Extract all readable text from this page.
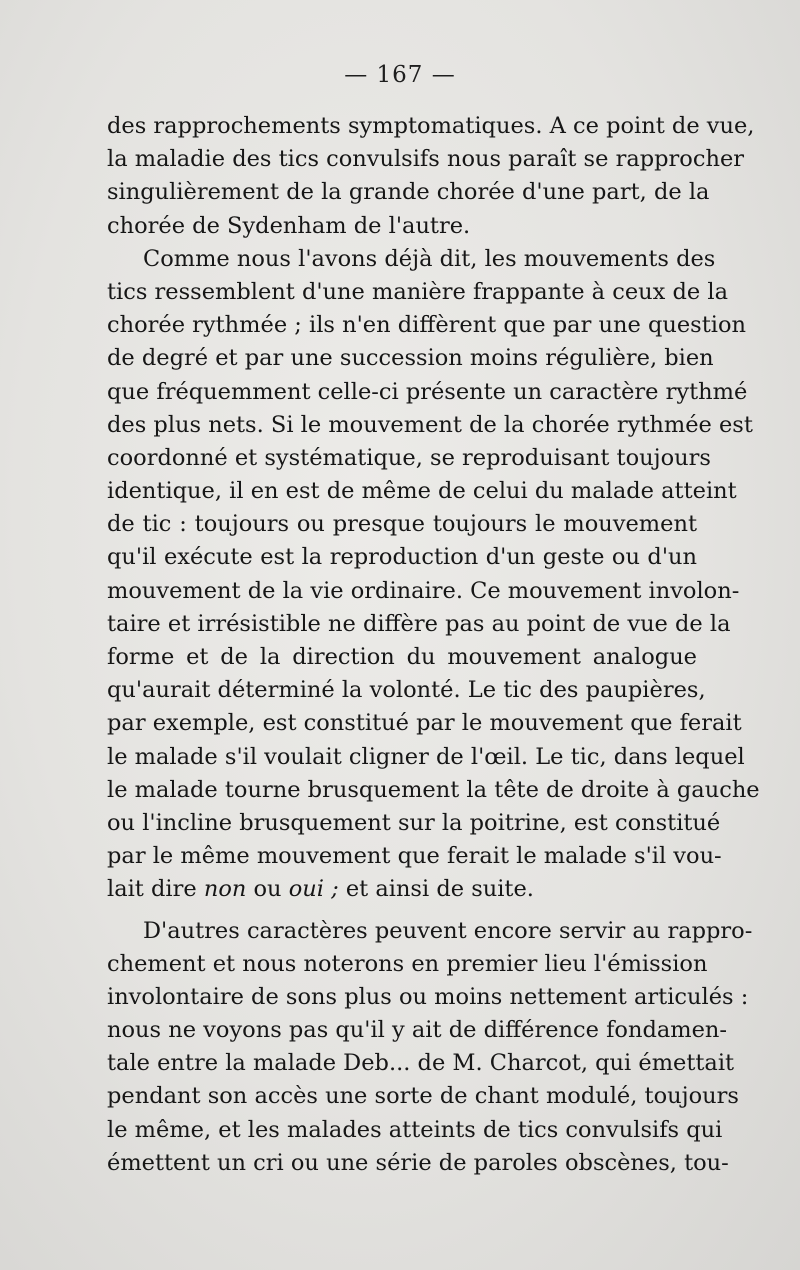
— 167 —
des rapprochements symptomatiques. A ce point de vue,
la maladie des tics convulsifs nous paraît se rapprocher
singulièrement de la grande chorée d'une part, de la
chorée de Sydenham de l'autre.
Comme nous l'avons déjà dit, les mouvements des
tics ressemblent d'une manière frappante à ceux de la
chorée rythmée ; ils n'en diffèrent que par une question
de degré et par une succession moins régulière, bien
que fréquemment celle-ci présente un caractère rythmé
des plus nets. Si le mouvement de la chorée rythmée est
coordonné et systématique, se reproduisant toujours
identique, il en est de même de celui du malade atteint
de tic : toujours ou presque toujours le mouvement
qu'il exécute est la reproduction d'un geste ou d'un
mouvement de la vie ordinaire. Ce mouvement involon-
taire et irrésistible ne diffère pas au point de vue de la
forme et de la direction du mouvement analogue
qu'aurait déterminé la volonté. Le tic des paupières,
par exemple, est constitué par le mouvement que ferait
le malade s'il voulait cligner de l'œil. Le tic, dans lequel
le malade tourne brusquement la tête de droite à gauche
ou l'incline brusquement sur la poitrine, est constitué
par le même mouvement que ferait le malade s'il vou-
lait dire non ou oui ; et ainsi de suite.
D'autres caractères peuvent encore servir au rappro-
chement et nous noterons en premier lieu l'émission
involontaire de sons plus ou moins nettement articulés :
nous ne voyons pas qu'il y ait de différence fondamen-
tale entre la malade Deb... de M. Charcot, qui émettait
pendant son accès une sorte de chant modulé, toujours
le même, et les malades atteints de tics convulsifs qui
émettent un cri ou une série de paroles obscènes, tou-
